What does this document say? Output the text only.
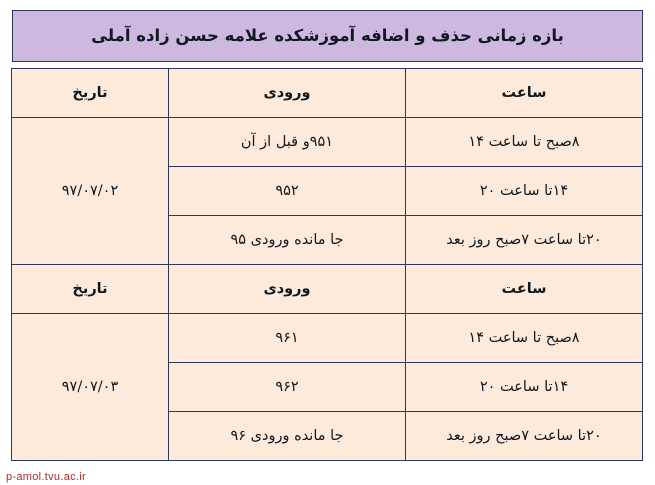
بازه زمانی حذف و اضافه آموزشکده علامه حسن زاده آملی
ساعت	ورودی	تاریخ
۸صبح تا ساعت ۱۴	۹۵۱و قبل از آن	۹۷/۰۷/۰۲
۱۴تا ساعت ۲۰	۹۵۲	
۲۰تا ساعت ۷صبح روز بعد	جا مانده ورودی ۹۵	
ساعت	ورودی	تاریخ
۸صبح تا ساعت ۱۴	۹۶۱	۹۷/۰۷/۰۳
۱۴تا ساعت ۲۰	۹۶۲	
۲۰تا ساعت ۷صبح روز بعد	جا مانده ورودی ۹۶	
p-amol.tvu.ac.ir
